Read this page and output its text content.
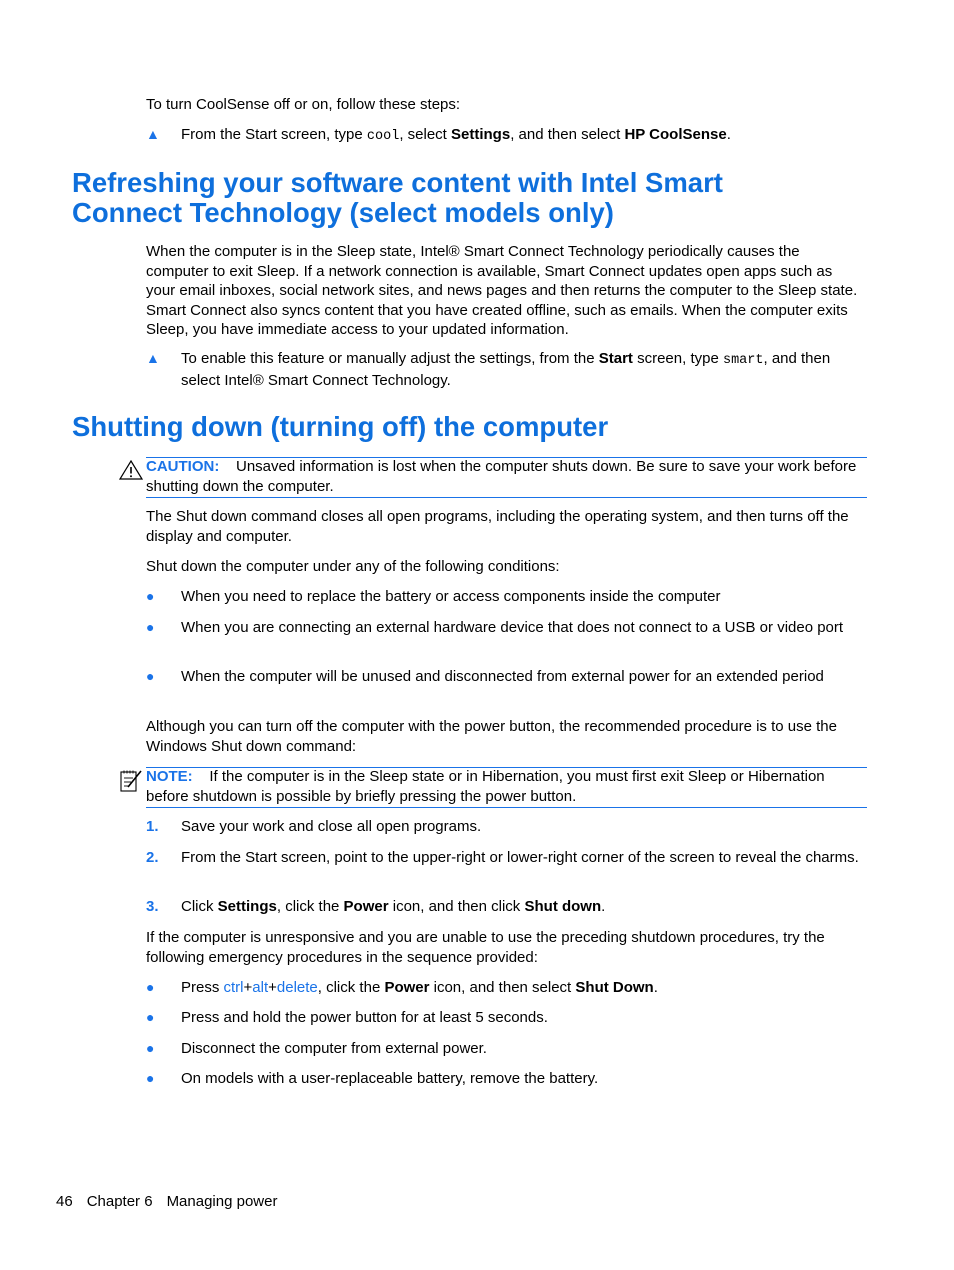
To turn CoolSense off or on, follow these steps:
▲	From the Start screen, type cool, select Settings, and then select HP CoolSense.
Refreshing your software content with Intel Smart
Connect Technology (select models only)
When the computer is in the Sleep state, Intel® Smart Connect Technology periodically causes the computer to exit Sleep. If a network connection is available, Smart Connect updates open apps such as your email inboxes, social network sites, and news pages and then returns the computer to the Sleep state. Smart Connect also syncs content that you have created offline, such as emails. When the computer exits Sleep, you have immediate access to your updated information.
▲	To enable this feature or manually adjust the settings, from the Start screen, type smart, and then select Intel® Smart Connect Technology.
Shutting down (turning off) the computer
CAUTION: Unsaved information is lost when the computer shuts down. Be sure to save your work before shutting down the computer.
The Shut down command closes all open programs, including the operating system, and then turns off the display and computer.
Shut down the computer under any of the following conditions:
●	When you need to replace the battery or access components inside the computer
●	When you are connecting an external hardware device that does not connect to a USB or video port
●	When the computer will be unused and disconnected from external power for an extended period
Although you can turn off the computer with the power button, the recommended procedure is to use the Windows Shut down command:
NOTE: If the computer is in the Sleep state or in Hibernation, you must first exit Sleep or Hibernation before shutdown is possible by briefly pressing the power button.
1.	Save your work and close all open programs.
2.	From the Start screen, point to the upper-right or lower-right corner of the screen to reveal the charms.
3.	Click Settings, click the Power icon, and then click Shut down.
If the computer is unresponsive and you are unable to use the preceding shutdown procedures, try the following emergency procedures in the sequence provided:
●	Press ctrl+alt+delete, click the Power icon, and then select Shut Down.
●	Press and hold the power button for at least 5 seconds.
●	Disconnect the computer from external power.
●	On models with a user-replaceable battery, remove the battery.
46 Chapter 6 Managing power
